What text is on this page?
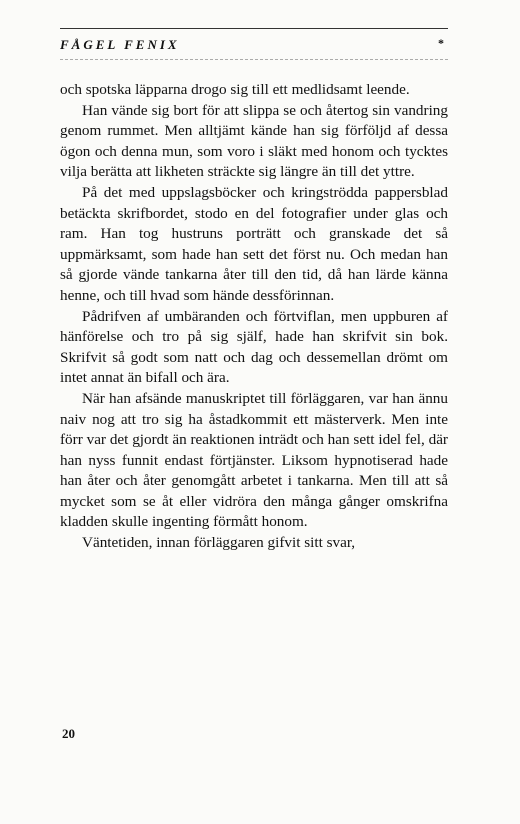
FÅGEL FENIX	*

och spotska läpparna drogo sig till ett medlidsamt leende.

Han vände sig bort för att slippa se och återtog sin vandring genom rummet. Men alltjämt kände han sig förföljd af dessa ögon och denna mun, som voro i släkt med honom och tycktes vilja berätta att likheten sträckte sig längre än till det yttre.

På det med uppslagsböcker och kringströdda pappersblad betäckta skrifbordet, stodo en del fotografier under glas och ram. Han tog hustruns porträtt och granskade det så uppmärksamt, som hade han sett det först nu. Och medan han så gjorde vände tankarna åter till den tid, då han lärde känna henne, och till hvad som hände dessförinnan.

Pådrifven af umbäranden och förtviflan, men uppburen af hänförelse och tro på sig själf, hade han skrifvit sin bok. Skrifvit så godt som natt och dag och dessemellan drömt om intet annat än bifall och ära.

När han afsände manuskriptet till förläggaren, var han ännu naiv nog att tro sig ha åstadkommit ett mästerverk. Men inte förr var det gjordt än reaktionen inträdt och han sett idel fel, där han nyss funnit endast förtjänster. Liksom hypnotiserad hade han åter och åter genomgått arbetet i tankarna. Men till att så mycket som se åt eller vidröra den många gånger omskrifna kladden skulle ingenting förmått honom.

Väntetiden, innan förläggaren gifvit sitt svar,

20
